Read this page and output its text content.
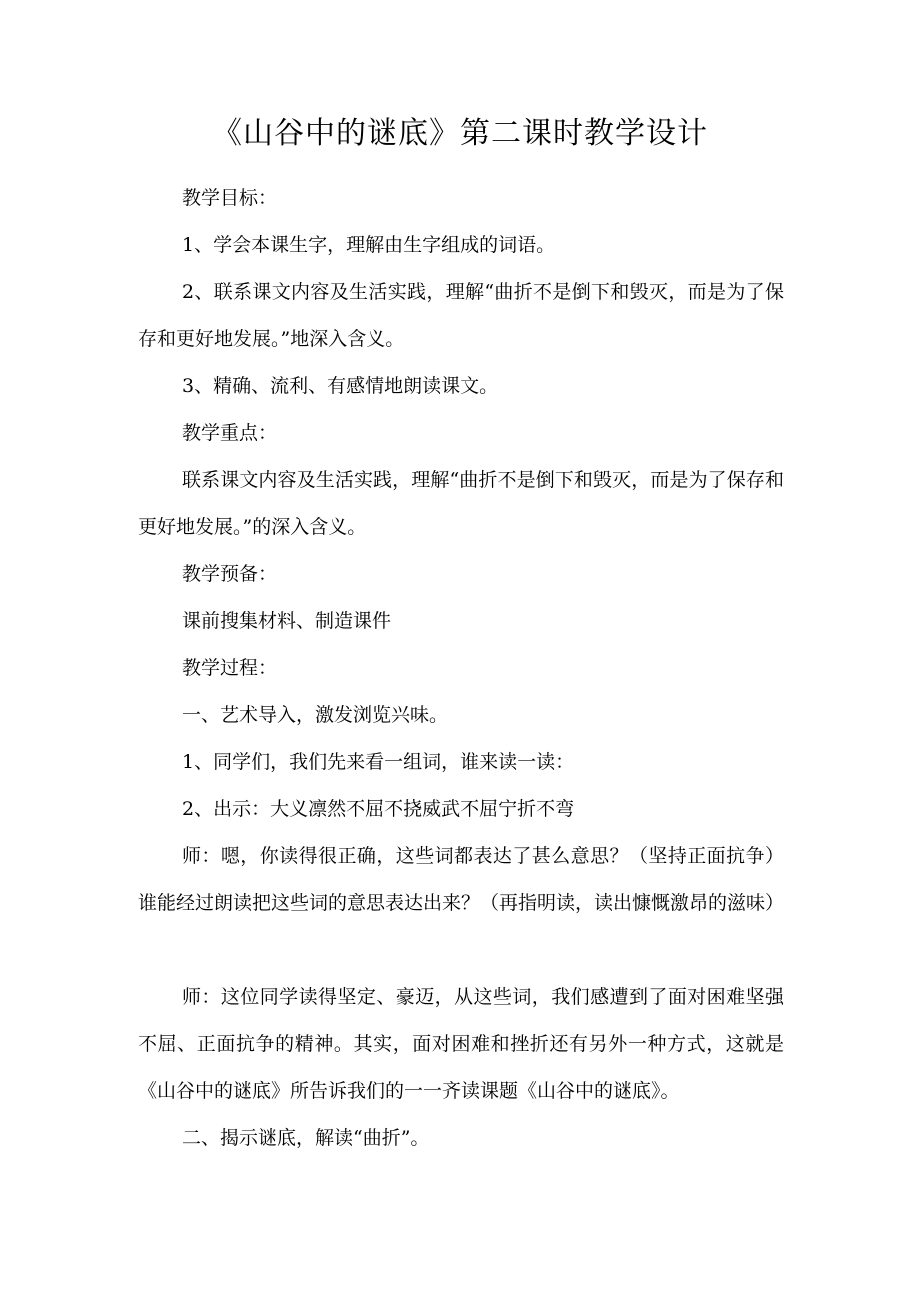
《山谷中的谜底》第二课时教学设计

教学目标：

1、学会本课生字，理解由生字组成的词语。

2、联系课文内容及生活实践，理解“曲折不是倒下和毁灭，而是为了保存和更好地发展。”地深入含义。

3、精确、流利、有感情地朗读课文。

教学重点：

联系课文内容及生活实践，理解“曲折不是倒下和毁灭，而是为了保存和更好地发展。”的深入含义。

教学预备：

课前搜集材料、制造课件

教学过程：

一、艺术导入，激发浏览兴味。

1、同学们，我们先来看一组词，谁来读一读：

2、出示：大义凛然不屈不挠威武不屈宁折不弯

师：嗯，你读得很正确，这些词都表达了甚么意思？（坚持正面抗争）谁能经过朗读把这些词的意思表达出来？（再指明读，读出慷慨激昂的滋味）

师：这位同学读得坚定、豪迈，从这些词，我们感遭到了面对困难坚强不屈、正面抗争的精神。其实，面对困难和挫折还有另外一种方式，这就是《山谷中的谜底》所告诉我们的一一齐读课题《山谷中的谜底》。

二、揭示谜底，解读“曲折”。
